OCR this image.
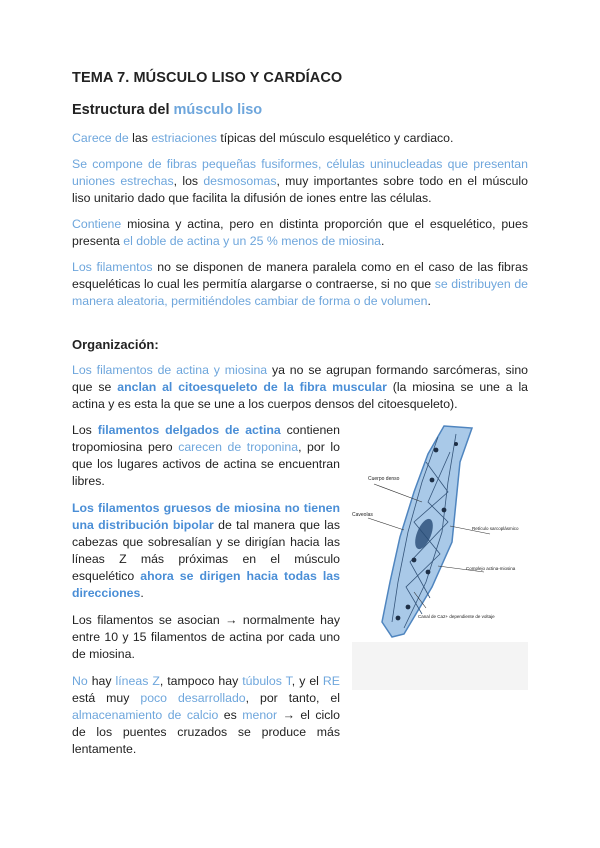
TEMA 7. MÚSCULO LISO Y CARDÍACO
Estructura del músculo liso

Carece de las estriaciones típicas del músculo esquelético y cardiaco.

Se compone de fibras pequeñas fusiformes, células uninucleadas que presentan uniones estrechas, los desmosomas, muy importantes sobre todo en el músculo liso unitario dado que facilita la difusión de iones entre las células.

Contiene miosina y actina, pero en distinta proporción que el esquelético, pues presenta el doble de actina y un 25 % menos de miosina.

Los filamentos no se disponen de manera paralela como en el caso de las fibras esqueléticas lo cual les permitía alargarse o contraerse, si no que se distribuyen de manera aleatoria, permitiéndoles cambiar de forma o de volumen.

Organización:

Los filamentos de actina y miosina ya no se agrupan formando sarcómeras, sino que se anclan al citoesqueleto de la fibra muscular (la miosina se une a la actina y es esta la que se une a los cuerpos densos del citoesqueleto).

Los filamentos delgados de actina contienen tropomiosina pero carecen de troponina, por lo que los lugares activos de actina se encuentran libres.

Los filamentos gruesos de miosina no tienen una distribución bipolar de tal manera que las cabezas que sobresalían y se dirigían hacia las líneas Z más próximas en el músculo esquelético ahora se dirigen hacia todas las direcciones.

Los filamentos se asocian → normalmente hay entre 10 y 15 filamentos de actina por cada uno de miosina.

No hay líneas Z, tampoco hay túbulos T, y el RE está muy poco desarrollado, por tanto, el almacenamiento de calcio es menor → el ciclo de los puentes cruzados se produce más lentamente.

Cuerpo denso
Caveolas
Retículo sarcoplásmico
Complejo actina-miosina
Canal de Ca2+ dependiente de voltaje
